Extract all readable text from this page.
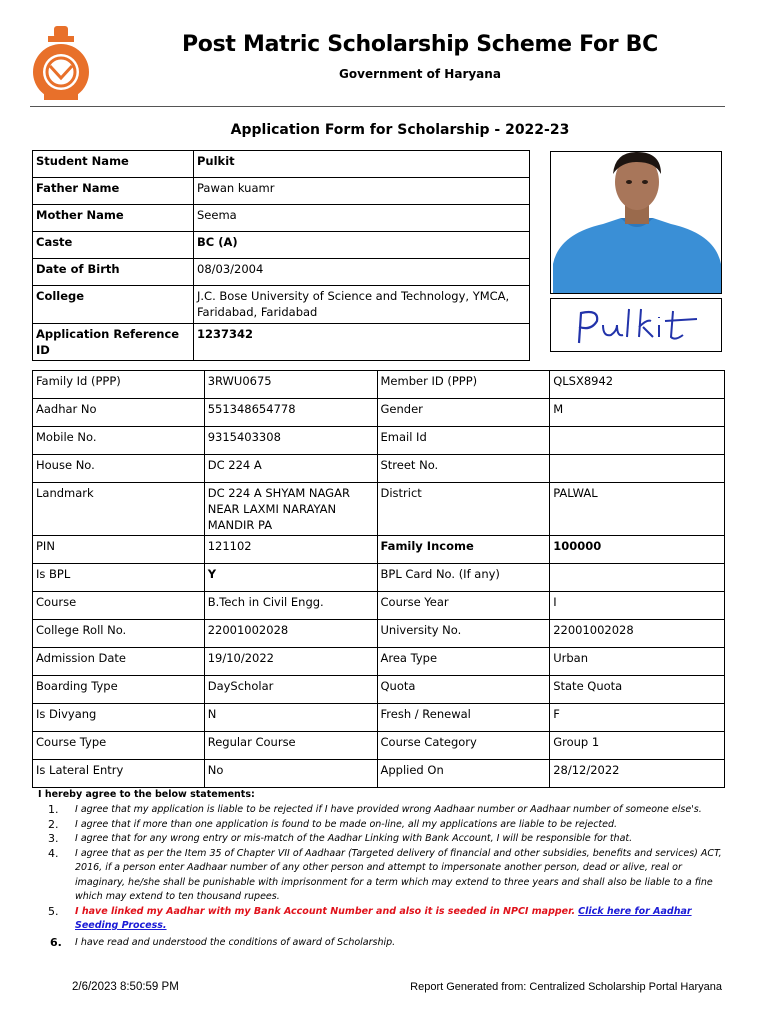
Post Matric Scholarship Scheme For BC
Government of Haryana
Application Form for Scholarship - 2022-23
Student Name	Pulkit
Father Name	Pawan kuamr
Mother Name	Seema
Caste	BC (A)
Date of Birth	08/03/2004
College	J.C. Bose University of Science and Technology, YMCA, Faridabad, Faridabad
Application Reference ID	1237342
Family Id (PPP)	3RWU0675	Member ID (PPP)	QLSX8942
Aadhar No	551348654778	Gender	M
Mobile No.	9315403308	Email Id	
House No.	DC 224 A	Street No.	
Landmark	DC 224 A SHYAM NAGAR NEAR LAXMI NARAYAN MANDIR PA	District	PALWAL
PIN	121102	Family Income	100000
Is BPL	Y	BPL Card No. (If any)	
Course	B.Tech in Civil Engg.	Course Year	I
College Roll No.	22001002028	University No.	22001002028
Admission Date	19/10/2022	Area Type	Urban
Boarding Type	DayScholar	Quota	State Quota
Is Divyang	N	Fresh / Renewal	F
Course Type	Regular Course	Course Category	Group 1
Is Lateral Entry	No	Applied On	28/12/2022
I hereby agree to the below statements:
1. I agree that my application is liable to be rejected if I have provided wrong Aadhaar number or Aadhaar number of someone else's.
2. I agree that if more than one application is found to be made on-line, all my applications are liable to be rejected.
3. I agree that for any wrong entry or mis-match of the Aadhar Linking with Bank Account, I will be responsible for that.
4. I agree that as per the Item 35 of Chapter VII of Aadhaar (Targeted delivery of financial and other subsidies, benefits and services) ACT, 2016, if a person enter Aadhaar number of any other person and attempt to impersonate another person, dead or alive, real or imaginary, he/she shall be punishable with imprisonment for a term which may extend to three years and shall also be liable to a fine which may extend to ten thousand rupees.
5. I have linked my Aadhar with my Bank Account Number and also it is seeded in NPCI mapper. Click here for Aadhar Seeding Process.
6. I have read and understood the conditions of award of Scholarship.
2/6/2023 8:50:59 PM	Report Generated from: Centralized Scholarship Portal Haryana
